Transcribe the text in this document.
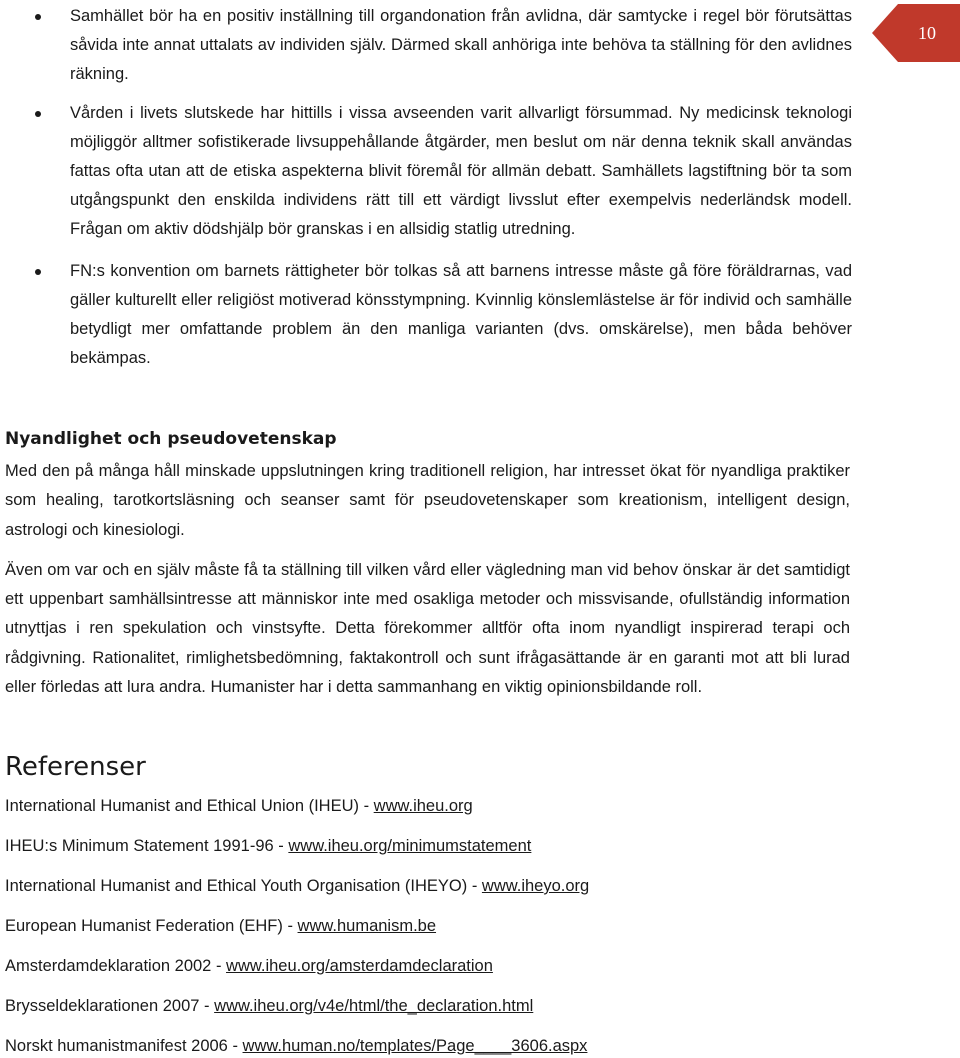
10
Samhället bör ha en positiv inställning till organdonation från avlidna, där samtycke i regel bör förutsättas såvida inte annat uttalats av individen själv. Därmed skall anhöriga inte behöva ta ställning för den avlidnes räkning.
Vården i livets slutskede har hittills i vissa avseenden varit allvarligt försummad. Ny medicinsk teknologi möjliggör alltmer sofistikerade livsuppehållande åtgärder, men beslut om när denna teknik skall användas fattas ofta utan att de etiska aspekterna blivit föremål för allmän debatt. Samhällets lagstiftning bör ta som utgångspunkt den enskilda individens rätt till ett värdigt livsslut efter exempelvis nederländsk modell. Frågan om aktiv dödshjälp bör granskas i en allsidig statlig utredning.
FN:s konvention om barnets rättigheter bör tolkas så att barnens intresse måste gå före föräldrarnas, vad gäller kulturellt eller religiöst motiverad könsstympning. Kvinnlig könslemlästelse är för individ och samhälle betydligt mer omfattande problem än den manliga varianten (dvs. omskärelse), men båda behöver bekämpas.
Nyandlighet och pseudovetenskap

Med den på många håll minskade uppslutningen kring traditionell religion, har intresset ökat för nyandliga praktiker som healing, tarotkortsläsning och seanser samt för pseudovetenskaper som kreationism, intelligent design, astrologi och kinesiologi.

Även om var och en själv måste få ta ställning till vilken vård eller vägledning man vid behov önskar är det samtidigt ett uppenbart samhällsintresse att människor inte med osakliga metoder och missvisande, ofullständig information utnyttjas i ren spekulation och vinstsyfte. Detta förekommer alltför ofta inom nyandligt inspirerad terapi och rådgivning. Rationalitet, rimlighetsbedömning, faktakontroll och sunt ifrågasättande är en garanti mot att bli lurad eller förledas att lura andra. Humanister har i detta sammanhang en viktig opinionsbildande roll.

Referenser

International Humanist and Ethical Union (IHEU) - www.iheu.org

IHEU:s Minimum Statement 1991-96 - www.iheu.org/minimumstatement

International Humanist and Ethical Youth Organisation (IHEYO) - www.iheyo.org

European Humanist Federation (EHF) - www.humanism.be

Amsterdamdeklaration 2002 - www.iheu.org/amsterdamdeclaration

Brysseldeklarationen 2007 - www.iheu.org/v4e/html/the_declaration.html

Norskt humanistmanifest 2006 - www.human.no/templates/Page____3606.aspx
